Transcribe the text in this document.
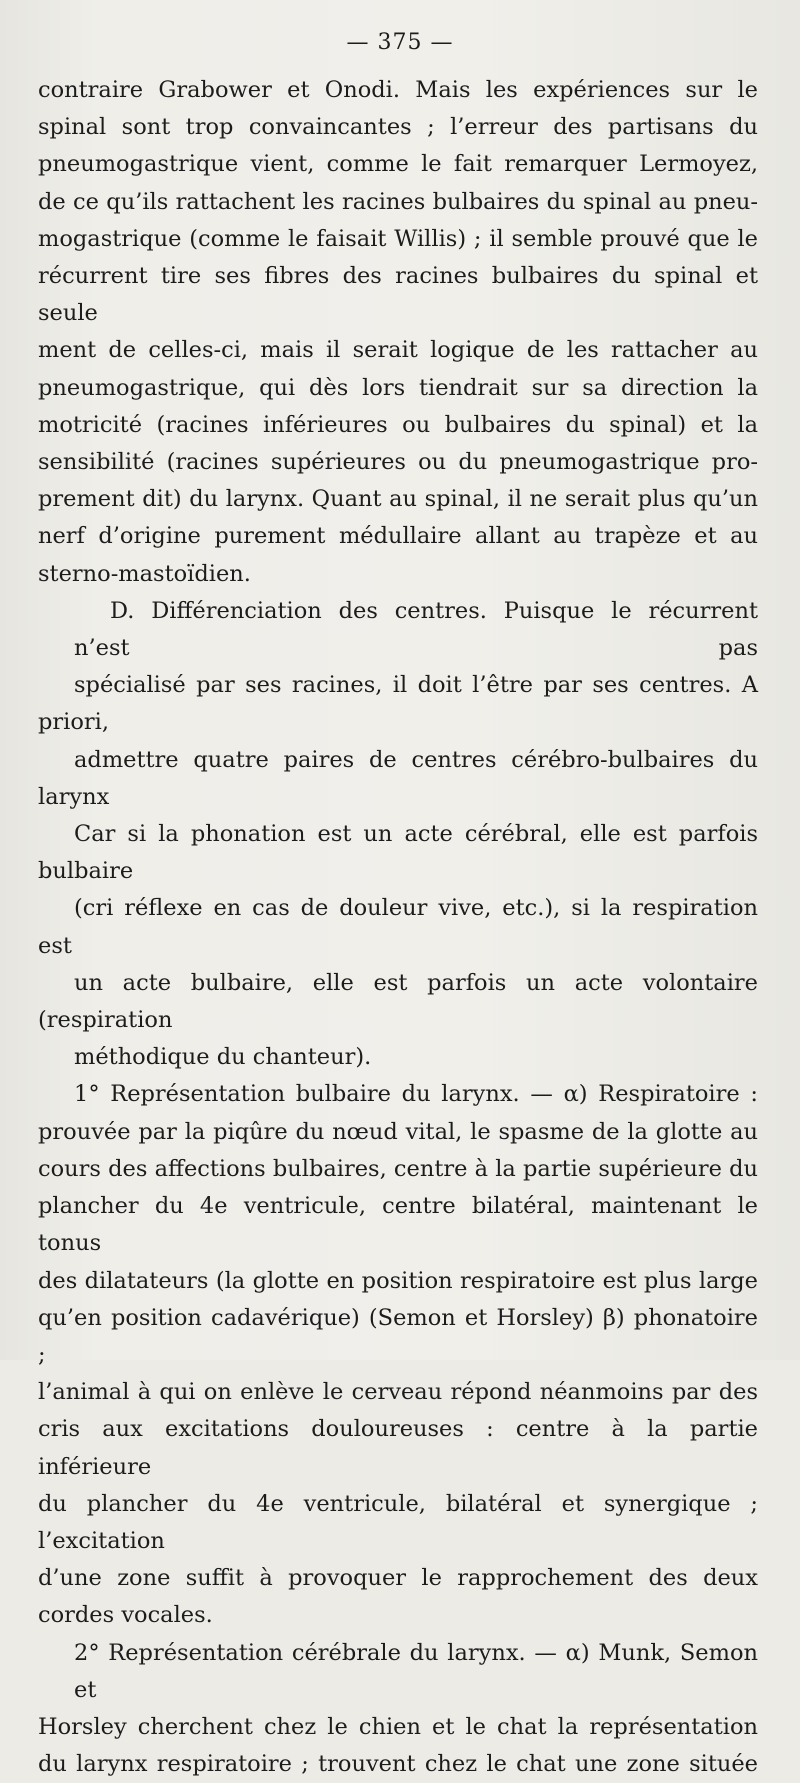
— 375 —
contraire Grabower et Onodi. Mais les expériences sur le
spinal sont trop convaincantes ; l’erreur des partisans du
pneumogastrique vient, comme le fait remarquer Lermoyez,
de ce qu’ils rattachent les racines bulbaires du spinal au pneu-
mogastrique (comme le faisait Willis) ; il semble prouvé que le
récurrent tire ses fibres des racines bulbaires du spinal et seule
ment de celles-ci, mais il serait logique de les rattacher au
pneumogastrique, qui dès lors tiendrait sur sa direction la
motricité (racines inférieures ou bulbaires du spinal) et la
sensibilité (racines supérieures ou du pneumogastrique pro-
prement dit) du larynx. Quant au spinal, il ne serait plus qu’un
nerf d’origine purement médullaire allant au trapèze et au
sterno-mastoïdien.
D. Différenciation des centres. Puisque le récurrent n’est pas
spécialisé par ses racines, il doit l’être par ses centres. A priori,
admettre quatre paires de centres cérébro-bulbaires du larynx
Car si la phonation est un acte cérébral, elle est parfois bulbaire
(cri réflexe en cas de douleur vive, etc.), si la respiration est
un acte bulbaire, elle est parfois un acte volontaire (respiration
méthodique du chanteur).
1° Représentation bulbaire du larynx. — α) Respiratoire :
prouvée par la piqûre du nœud vital, le spasme de la glotte au
cours des affections bulbaires, centre à la partie supérieure du
plancher du 4e ventricule, centre bilatéral, maintenant le tonus
des dilatateurs (la glotte en position respiratoire est plus large
qu’en position cadavérique) (Semon et Horsley) β) phonatoire ;
l’animal à qui on enlève le cerveau répond néanmoins par des
cris aux excitations douloureuses : centre à la partie inférieure
du plancher du 4e ventricule, bilatéral et synergique ; l’excitation
d’une zone suffit à provoquer le rapprochement des deux
cordes vocales.
2° Représentation cérébrale du larynx. — α) Munk, Semon et
Horsley cherchent chez le chien et le chat la représentation
du larynx respiratoire ; trouvent chez le chat une zone située
